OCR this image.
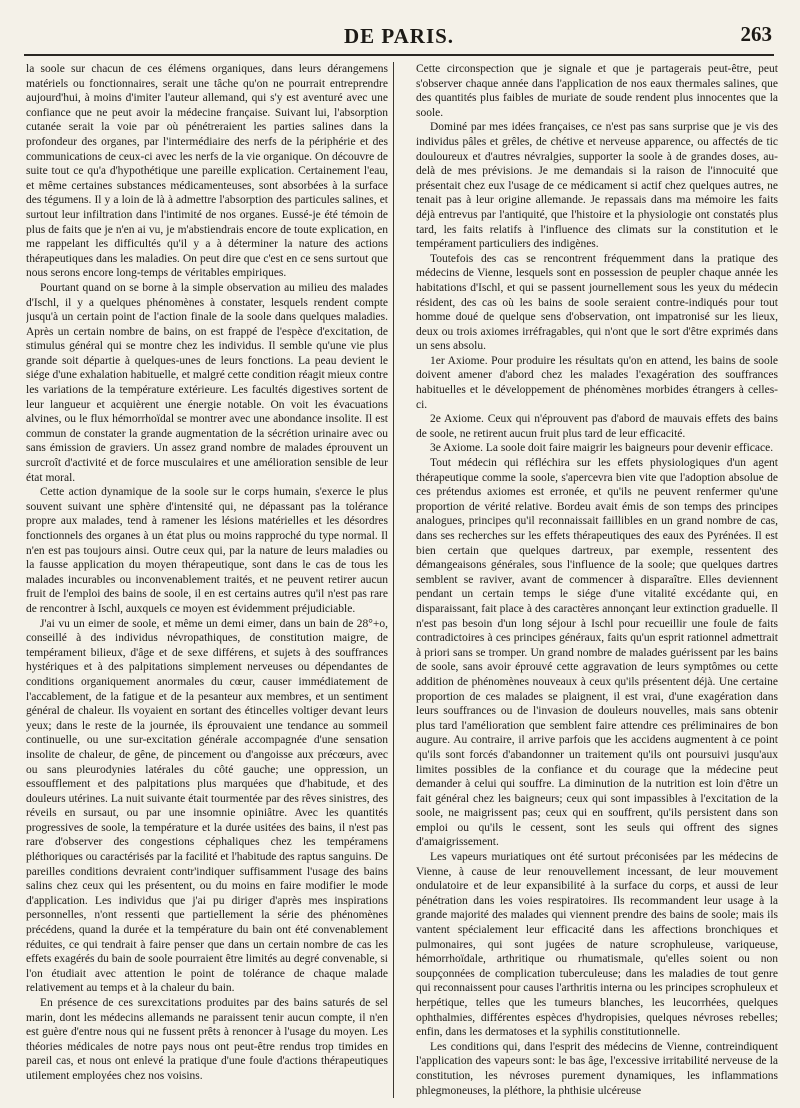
DE PARIS.	263

la soole sur chacun de ces élémens organiques, dans leurs dérangemens matériels ou fonctionnaires, serait une tâche qu'on ne pourrait entreprendre aujourd'hui, à moins d'imiter l'auteur allemand, qui s'y est aventuré avec une confiance que ne peut avoir la médecine française. Suivant lui, l'absorption cutanée serait la voie par où pénétreraient les parties salines dans la profondeur des organes, par l'intermédiaire des nerfs de la périphérie et des communications de ceux-ci avec les nerfs de la vie organique. On découvre de suite tout ce qu'a d'hypothétique une pareille explication. Certainement l'eau, et même certaines substances médicamenteuses, sont absorbées à la surface des tégumens. Il y a loin de là à admettre l'absorption des particules salines, et surtout leur infiltration dans l'intimité de nos organes. Eussé-je été témoin de plus de faits que je n'en ai vu, je m'abstiendrais encore de toute explication, en me rappelant les difficultés qu'il y a à déterminer la nature des actions thérapeutiques dans les maladies. On peut dire que c'est en ce sens surtout que nous serons encore long-temps de véritables empiriques.

Pourtant quand on se borne à la simple observation au milieu des malades d'Ischl, il y a quelques phénomènes à constater, lesquels rendent compte jusqu'à un certain point de l'action finale de la soole dans quelques maladies. Après un certain nombre de bains, on est frappé de l'espèce d'excitation, de stimulus général qui se montre chez les individus. Il semble qu'une vie plus grande soit départie à quelques-unes de leurs fonctions. La peau devient le siége d'une exhalation habituelle, et malgré cette condition réagit mieux contre les variations de la température extérieure. Les facultés digestives sortent de leur langueur et acquièrent une énergie notable. On voit les évacuations alvines, ou le flux hémorrhoïdal se montrer avec une abondance insolite. Il est commun de constater la grande augmentation de la sécrétion urinaire avec ou sans émission de graviers. Un assez grand nombre de malades éprouvent un surcroît d'activité et de force musculaires et une amélioration sensible de leur état moral.

Cette action dynamique de la soole sur le corps humain, s'exerce le plus souvent suivant une sphère d'intensité qui, ne dépassant pas la tolérance propre aux malades, tend à ramener les lésions matérielles et les désordres fonctionnels des organes à un état plus ou moins rapproché du type normal. Il n'en est pas toujours ainsi. Outre ceux qui, par la nature de leurs maladies ou la fausse application du moyen thérapeutique, sont dans le cas de tous les malades incurables ou inconvenablement traités, et ne peuvent retirer aucun fruit de l'emploi des bains de soole, il en est certains autres qu'il n'est pas rare de rencontrer à Ischl, auxquels ce moyen est évidemment préjudiciable.

J'ai vu un eimer de soole, et même un demi eimer, dans un bain de 28°+o, conseillé à des individus névropathiques, de constitution maigre, de tempérament bilieux, d'âge et de sexe différens, et sujets à des souffrances hystériques et à des palpitations simplement nerveuses ou dépendantes de conditions organiquement anormales du cœur, causer immédiatement de l'accablement, de la fatigue et de la pesanteur aux membres, et un sentiment général de chaleur. Ils voyaient en sortant des étincelles voltiger devant leurs yeux; dans le reste de la journée, ils éprouvaient une tendance au sommeil continuelle, ou une sur-excitation générale accompagnée d'une sensation insolite de chaleur, de gêne, de pincement ou d'angoisse aux précœurs, avec ou sans pleurodynies latérales du côté gauche; une oppression, un essoufflement et des palpitations plus marquées que d'habitude, et des douleurs utérines. La nuit suivante était tourmentée par des rêves sinistres, des réveils en sursaut, ou par une insomnie opiniâtre. Avec les quantités progressives de soole, la température et la durée usitées des bains, il n'est pas rare d'observer des congestions céphaliques chez les tempéramens pléthoriques ou caractérisés par la facilité et l'habitude des raptus sanguins. De pareilles conditions devraient contr'indiquer suffisamment l'usage des bains salins chez ceux qui les présentent, ou du moins en faire modifier le mode d'application. Les individus que j'ai pu diriger d'après mes inspirations personnelles, n'ont ressenti que partiellement la série des phénomènes précédens, quand la durée et la température du bain ont été convenablement réduites, ce qui tendrait à faire penser que dans un certain nombre de cas les effets exagérés du bain de soole pourraient être limités au degré convenable, si l'on étudiait avec attention le point de tolérance de chaque malade relativement au temps et à la chaleur du bain.

En présence de ces surexcitations produites par des bains saturés de sel marin, dont les médecins allemands ne paraissent tenir aucun compte, il n'en est guère d'entre nous qui ne fussent prêts à renoncer à l'usage du moyen. Les théories médicales de notre pays nous ont peut-être rendus trop timides en pareil cas, et nous ont enlevé la pratique d'une foule d'actions thérapeutiques utilement employées chez nos voisins.

Cette circonspection que je signale et que je partagerais peut-être, peut s'observer chaque année dans l'application de nos eaux thermales salines, que des quantités plus faibles de muriate de soude rendent plus innocentes que la soole.

Dominé par mes idées françaises, ce n'est pas sans surprise que je vis des individus pâles et grêles, de chétive et nerveuse apparence, ou affectés de tic douloureux et d'autres névralgies, supporter la soole à de grandes doses, au-delà de mes prévisions. Je me demandais si la raison de l'innocuité que présentait chez eux l'usage de ce médicament si actif chez quelques autres, ne tenait pas à leur origine allemande. Je repassais dans ma mémoire les faits déjà entrevus par l'antiquité, que l'histoire et la physiologie ont constatés plus tard, les faits relatifs à l'influence des climats sur la constitution et le tempérament particuliers des indigènes.

Toutefois des cas se rencontrent fréquemment dans la pratique des médecins de Vienne, lesquels sont en possession de peupler chaque année les habitations d'Ischl, et qui se passent journellement sous les yeux du médecin résident, des cas où les bains de soole seraient contre-indiqués pour tout homme doué de quelque sens d'observation, ont impatronisé sur les lieux, deux ou trois axiomes irréfragables, qui n'ont que le sort d'être exprimés dans un sens absolu.

1er Axiome. Pour produire les résultats qu'on en attend, les bains de soole doivent amener d'abord chez les malades l'exagération des souffrances habituelles et le développement de phénomènes morbides étrangers à celles-ci.

2e Axiome. Ceux qui n'éprouvent pas d'abord de mauvais effets des bains de soole, ne retirent aucun fruit plus tard de leur efficacité.

3e Axiome. La soole doit faire maigrir les baigneurs pour devenir efficace.

Tout médecin qui réfléchira sur les effets physiologiques d'un agent thérapeutique comme la soole, s'apercevra bien vite que l'adoption absolue de ces prétendus axiomes est erronée, et qu'ils ne peuvent renfermer qu'une proportion de vérité relative. Bordeu avait émis de son temps des principes analogues, principes qu'il reconnaissait faillibles en un grand nombre de cas, dans ses recherches sur les effets thérapeutiques des eaux des Pyrénées. Il est bien certain que quelques dartreux, par exemple, ressentent des démangeaisons générales, sous l'influence de la soole; que quelques dartres semblent se raviver, avant de commencer à disparaître. Elles deviennent pendant un certain temps le siége d'une vitalité excédante qui, en disparaissant, fait place à des caractères annonçant leur extinction graduelle. Il n'est pas besoin d'un long séjour à Ischl pour recueillir une foule de faits contradictoires à ces principes généraux, faits qu'un esprit rationnel admettrait à priori sans se tromper. Un grand nombre de malades guérissent par les bains de soole, sans avoir éprouvé cette aggravation de leurs symptômes ou cette addition de phénomènes nouveaux à ceux qu'ils présentent déjà. Une certaine proportion de ces malades se plaignent, il est vrai, d'une exagération dans leurs souffrances ou de l'invasion de douleurs nouvelles, mais sans obtenir plus tard l'amélioration que semblent faire attendre ces préliminaires de bon augure. Au contraire, il arrive parfois que les accidens augmentent à ce point qu'ils sont forcés d'abandonner un traitement qu'ils ont poursuivi jusqu'aux limites possibles de la confiance et du courage que la médecine peut demander à celui qui souffre. La diminution de la nutrition est loin d'être un fait général chez les baigneurs; ceux qui sont impassibles à l'excitation de la soole, ne maigrissent pas; ceux qui en souffrent, qu'ils persistent dans son emploi ou qu'ils le cessent, sont les seuls qui offrent des signes d'amaigrissement.

Les vapeurs muriatiques ont été surtout préconisées par les médecins de Vienne, à cause de leur renouvellement incessant, de leur mouvement ondulatoire et de leur expansibilité à la surface du corps, et aussi de leur pénétration dans les voies respiratoires. Ils recommandent leur usage à la grande majorité des malades qui viennent prendre des bains de soole; mais ils vantent spécialement leur efficacité dans les affections bronchiques et pulmonaires, qui sont jugées de nature scrophuleuse, variqueuse, hémorrhoïdale, arthritique ou rhumatismale, qu'elles soient ou non soupçonnées de complication tuberculeuse; dans les maladies de tout genre qui reconnaissent pour causes l'arthritis interna ou les principes scrophuleux et herpétique, telles que les tumeurs blanches, les leucorrhées, quelques ophthalmies, différentes espèces d'hydropisies, quelques névroses rebelles; enfin, dans les dermatoses et la syphilis constitutionnelle.

Les conditions qui, dans l'esprit des médecins de Vienne, contreindiquent l'application des vapeurs sont: le bas âge, l'excessive irritabilité nerveuse de la constitution, les névroses purement dynamiques, les inflammations phlegmoneuses, la pléthore, la phthisie ulcéreuse
